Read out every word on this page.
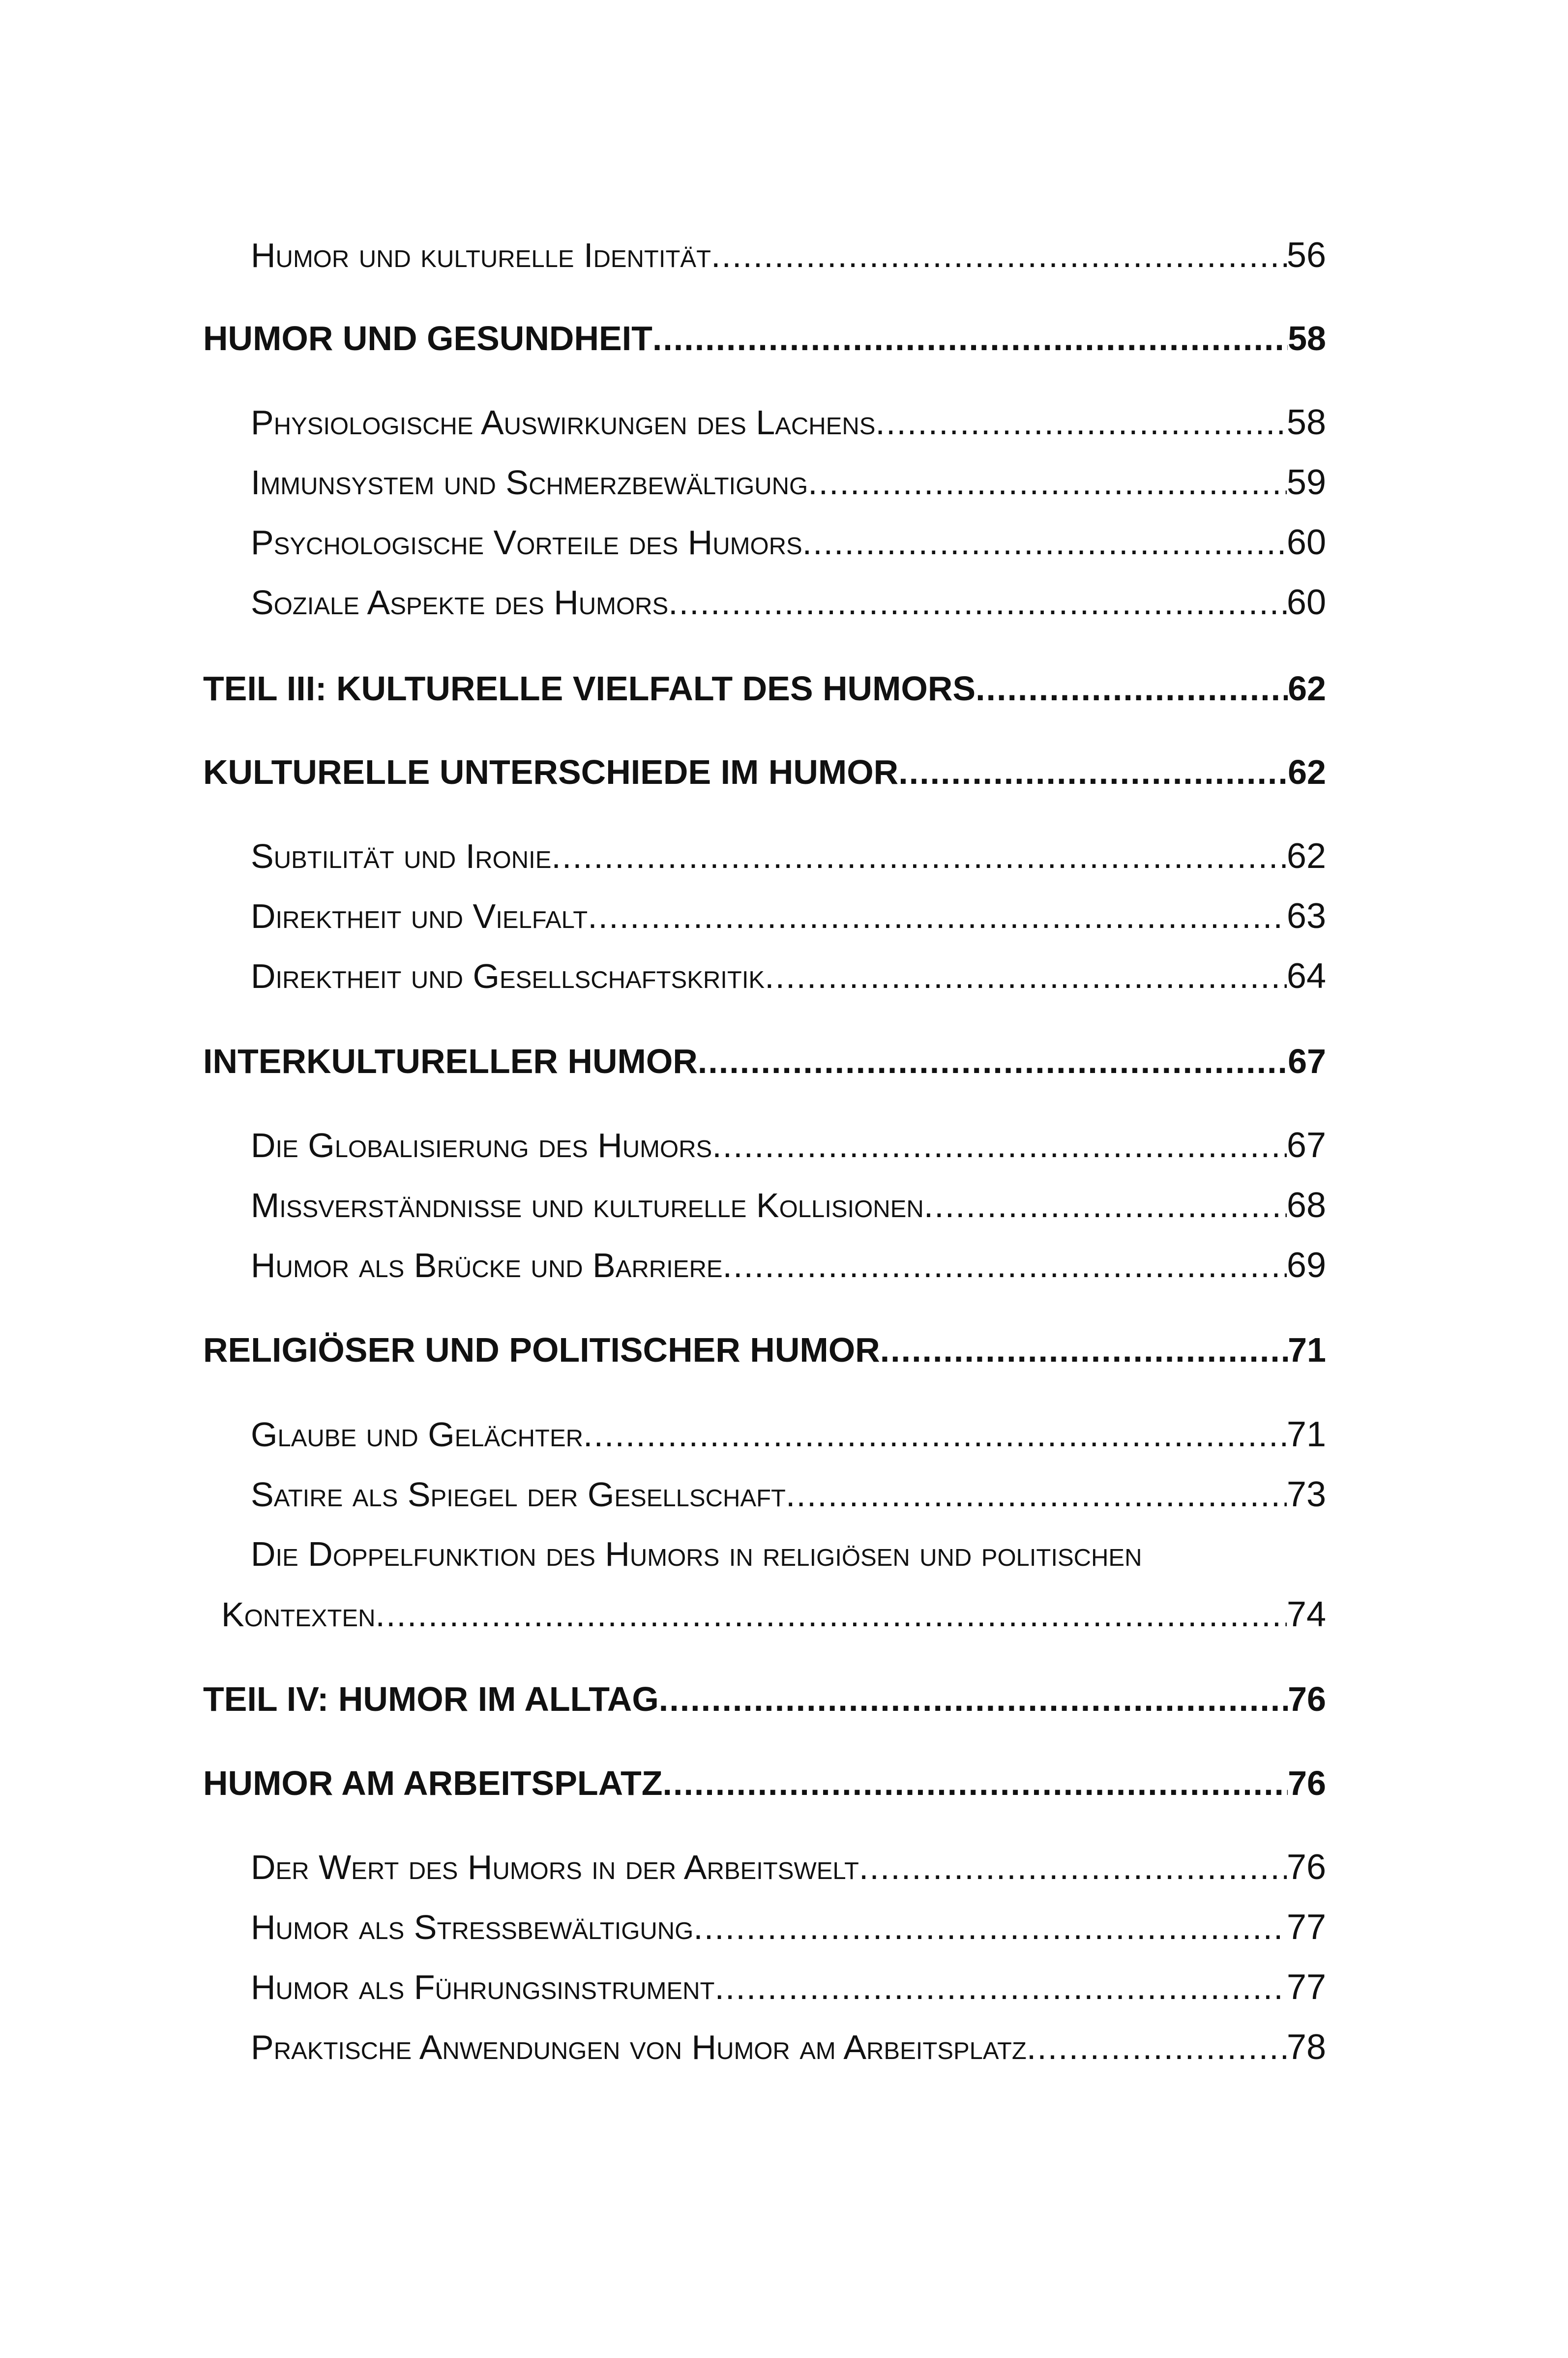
Humor und kulturelle Identität .....	56
HUMOR UND GESUNDHEIT .....	58
Physiologische Auswirkungen des Lachens .....	58
Immunsystem und Schmerzbewältigung .....	59
Psychologische Vorteile des Humors .....	60
Soziale Aspekte des Humors .....	60
TEIL III: KULTURELLE VIELFALT DES HUMORS .....	62
KULTURELLE UNTERSCHIEDE IM HUMOR .....	62
Subtilität und Ironie .....	62
Direktheit und Vielfalt .....	63
Direktheit und Gesellschaftskritik .....	64
INTERKULTURELLER HUMOR .....	67
Die Globalisierung des Humors .....	67
Missverständnisse und kulturelle Kollisionen .....	68
Humor als Brücke und Barriere .....	69
RELIGIÖSER UND POLITISCHER HUMOR .....	71
Glaube und Gelächter .....	71
Satire als Spiegel der Gesellschaft .....	73
Die Doppelfunktion des Humors in religiösen und politischen
Kontexten .....	74
TEIL IV: HUMOR IM ALLTAG .....	76
HUMOR AM ARBEITSPLATZ .....	76
Der Wert des Humors in der Arbeitswelt .....	76
Humor als Stressbewältigung .....	77
Humor als Führungsinstrument .....	77
Praktische Anwendungen von Humor am Arbeitsplatz .....	78
